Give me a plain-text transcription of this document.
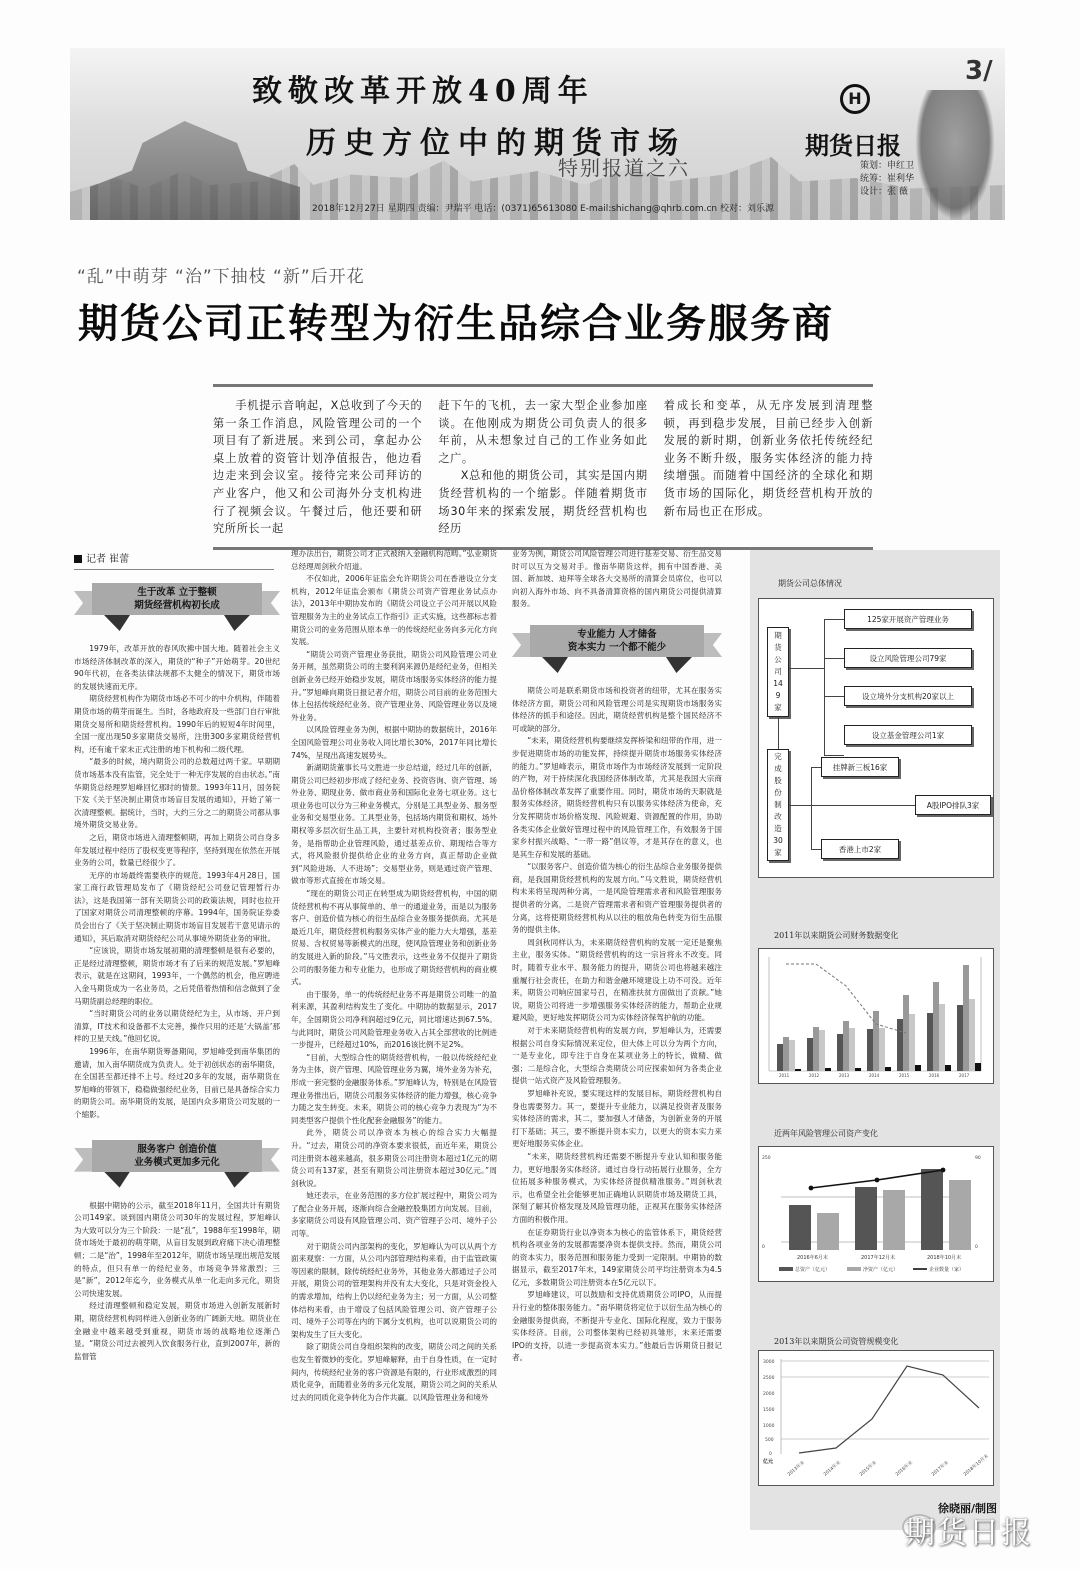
致敬改革开放40周年
历史方位中的期货市场
特别报道之六
H
期货日报
3/
策划：申红卫
统筹：崔利华
设计：张 薇
2018年12月27日 星期四 责编：尹瑞平 电话：(0371)65613080 E-mail:shichang@qhrb.com.cn 校对：刘乐源
“乱”中萌芽 “治”下抽枝 “新”后开花
期货公司正转型为衍生品综合业务服务商

手机提示音响起，X总收到了今天的第一条工作消息，风险管理公司的一个项目有了新进展。来到公司，拿起办公桌上放着的资管计划净值报告，他边看边走来到会议室。接待完来公司拜访的产业客户，他又和公司海外分支机构进行了视频会议。午餐过后，他还要和研究所所长一起

赶下午的飞机，去一家大型企业参加座谈。在他刚成为期货公司负责人的很多年前，从未想象过自己的工作业务如此之广。

X总和他的期货公司，其实是国内期货经营机构的一个缩影。伴随着期货市场30年来的探索发展，期货经营机构也经历

着成长和变革，从无序发展到清理整顿，再到稳步发展，目前已经步入创新发展的新时期，创新业务依托传统经纪业务不断升级，服务实体经济的能力持续增强。而随着中国经济的全球化和期货市场的国际化，期货经营机构开放的新布局也正在形成。

记者 崔蕾
生于改革 立于整顿
期货经营机构初长成

1979年，改革开放的春风吹拂中国大地。随着社会主义市场经济体制改革的深入，期货的“种子”开始萌芽。20世纪90年代初，在各类法律法规都不太健全的情况下，期货市场的发展快速而无序。

期货经营机构作为期货市场必不可少的中介机构，伴随着期货市场的萌芽而诞生。当时，各地政府及一些部门自行审批期货交易所和期货经营机构。1990年后的短短4年时间里，全国一度出现50多家期货交易所，注册300多家期货经营机构，还有逾千家未正式注册的地下机构和二级代理。

“最多的时候，境内期货公司的总数超过两千家。早期期货市场基本没有监管，完全处于一种无序发展的自由状态。”南华期货总经理罗旭峰回忆那时的情景。1993年11月，国务院下发《关于坚决制止期货市场盲目发展的通知》，开始了第一次清理整顿。据统计，当时，大约三分之二的期货公司都从事境外期货交易业务。

之后，期货市场进入清理整顿期，再加上期货公司自身多年发展过程中经历了股权变更等程序，坚持到现在依然在开展业务的公司，数量已经很少了。

无序的市场最终需要秩序的规范。1993年4月28日，国家工商行政管理局发布了《期货经纪公司登记管理暂行办法》，这是我国第一部有关期货公司的政策法规，同时也拉开了国家对期货公司清理整顿的序幕。1994年，国务院证券委员会出台了《关于坚决制止期货市场盲目发展若干意见请示的通知》，其后取消对期货经纪公司从事境外期货业务的审批。

“应该说，期货市场发展初期的清理整顿是很有必要的，正是经过清理整顿，期货市场才有了后来的规范发展。”罗旭峰表示，就是在这期间，1993年，一个偶然的机会，他应聘进入金马期货成为一名业务员，之后凭借着热情和信念做到了金马期货副总经理的职位。

“当时期货公司的业务以期货经纪为主，从市场、开户到清算，IT技术和设备都不太完善，操作只用的还是‘大锅盖’那样的卫星天线。”他回忆说。

1996年，在南华期货筹备期间，罗旭峰受到南华集团的邀请，加入南华期货成为负责人。处于初创状态的南华期货，在全国甚至都还排不上号。经过20多年的发展，南华期货在罗旭峰的带领下，稳稳做强经纪业务，目前已是具备综合实力的期货公司。南华期货的发展，是国内众多期货公司发展的一个缩影。

服务客户 创造价值
业务模式更加多元化

根据中期协的公示，截至2018年11月，全国共计有期货公司149家。谈到国内期货公司30年的发展过程，罗旭峰认为大致可以分为三个阶段：一是“乱”，1988年至1998年，期货市场处于最初的萌芽期，从盲目发展到政府痛下决心清理整顿；二是“治”，1998年至2012年，期货市场呈现出规范发展的特点，但只有单一的经纪业务，市场竞争异常激烈；三是“新”，2012年迄今，业务模式从单一化走向多元化，期货公司快速发展。

经过清理整顿和稳定发展，期货市场进入创新发展新时期，期货经营机构同样进入创新业务的广阔新天地。期货业在金融业中越来越受到重视，期货市场的战略地位逐渐凸显。“期货公司过去被列入饮食服务行业，直到2007年，新的监督管

理办法出台，期货公司才正式被纳入金融机构范畴。”弘业期货总经理周剑秋介绍道。

不仅如此，2006年证监会允许期货公司在香港设立分支机构，2012年证监会颁布《期货公司资产管理业务试点办法》，2013年中期协发布的《期货公司设立子公司开展以风险管理服务为主的业务试点工作指引》正式实施，这些都标志着期货公司的业务范围从原本单一的传统经纪业务向多元化方向发展。

“期货公司资产管理业务获批，期货公司风险管理公司业务开闸，虽然期货公司的主要利润来源仍是经纪业务，但相关创新业务已经开始稳步发展，期货市场服务实体经济的能力提升。”罗旭峰向期货日报记者介绍，期货公司目前的业务范围大体上包括传统经纪业务、资产管理业务、风险管理业务以及境外业务。

以风险管理业务为例，根据中期协的数据统计，2016年全国风险管理公司业务收入同比增长30%，2017年同比增长74%，呈现出高速发展势头。

新湖期货董事长马文胜进一步总结道，经过几年的创新，期货公司已经初步形成了经纪业务、投资咨询、资产管理、场外业务、期现业务、做市商业务和国际化业务七项业务。这七项业务也可以分为三种业务模式，分别是工具型业务、服务型业务和交易型业务。工具型业务，包括场内期货和期权、场外期权等多层次衍生品工具，主要针对机构投资者；服务型业务，是指帮助企业管理风险，通过基差点价、期现结合等方式，将风险报价提供给企业的业务方向，真正帮助企业做到“风险进场、人不进场”；交易型业务，则是通过资产管理、做市等形式直接在市场交易。

“现在的期货公司正在转型成为期货经营机构，中国的期货经营机构不再从事简单的、单一的通道业务，而是以为服务客户、创造价值为核心的衍生品综合业务服务提供商。尤其是最近几年，期货经营机构服务实体产业的能力大大增强，基差贸易、含权贸易等新模式的出现，使风险管理业务和创新业务的发展进入新的阶段。”马文胜表示，这些业务不仅提升了期货公司的服务能力和专业能力，也形成了期货经营机构的商业模式。

由于服务，单一的传统经纪业务不再是期货公司唯一的盈利来源，其盈利结构发生了变化。中期协的数据显示，2017年，全国期货公司净利润超过9亿元，同比增速达到67.5%。与此同时，期货公司风险管理业务收入占其全部营收的比例进一步提升，已经超过10%，而2016该比例不足2%。

“目前，大型综合性的期货经营机构，一般以传统经纪业务为主体，资产管理、风险管理业务为翼，境外业务为补充，形成一套完整的金融服务体系。”罗旭峰认为，特别是在风险管理业务推出后，期货公司服务实体经济的能力增强，核心竞争力随之发生转变。未来，期货公司的核心竞争力表现为“为不同类型客户提供个性化配套金融服务”的能力。

此外，期货公司以净资本为核心的综合实力大幅提升。“过去，期货公司的净资本要求很低，而近年来，期货公司注册资本越来越高，很多期货公司注册资本超过1亿元的期货公司有137家，甚至有期货公司注册资本超过30亿元。”周剑秋说。

她还表示，在业务范围的多方位扩展过程中，期货公司为了配合业务开展，逐渐向综合金融控股集团方向发展。目前，多家期货公司设有风险管理公司、资产管理子公司、境外子公司等。

对于期货公司内部架构的变化，罗旭峰认为可以从两个方面来观察：一方面，从公司内部管理结构来看，由于监管政策等因素的限制，除传统经纪业务外，其他业务大都通过子公司开展，期货公司的管理架构并没有太大变化，只是对资金投入的需求增加，结构上仍以经纪业务为主；另一方面，从公司整体结构来看，由于增设了包括风险管理公司、资产管理子公司、境外子公司等在内的下属分支机构，也可以说期货公司的架构发生了巨大变化。

除了期货公司自身组织架构的改变，期货公司之间的关系也发生着微妙的变化。罗旭峰解释，由于自身性质，在一定时间内，传统经纪业务的客户资源是有限的，行业形成激烈的同质化竞争，而随着业务的多元化发展，期货公司之间的关系从过去的同质化竞争转化为合作共赢。以风险管理业务和境外

业务为例，期货公司风险管理公司进行基差交易、衍生品交易时可以互为交易对手。像南华期货这样，拥有中国香港、美国、新加坡、迪拜等全球各大交易所的清算会员席位，也可以向初入海外市场、向不具备清算资格的国内期货公司提供清算服务。

专业能力 人才储备
资本实力 一个都不能少

期货公司是联系期货市场和投资者的纽带，尤其在服务实体经济方面，期货公司和风险管理公司是实现期货市场服务实体经济的抓手和途径。因此，期货经营机构是整个国民经济不可或缺的部分。

“未来，期货经营机构要继续发挥桥梁和纽带的作用，进一步促进期货市场的功能发挥，持续提升期货市场服务实体经济的能力。”罗旭峰表示，期货市场作为市场经济发展到一定阶段的产物，对于持续深化我国经济体制改革，尤其是我国大宗商品价格体制改革发挥了重要作用。同时，期货市场的天职就是服务实体经济，期货经营机构只有以服务实体经济为使命，充分发挥期货市场价格发现、风险规避、资源配置的作用，协助各类实体企业做好管理过程中的风险管理工作，有效服务于国家乡村振兴战略、“一带一路”倡议等，才是其存在的意义，也是其生存和发展的基础。

“以服务客户、创造价值为核心的衍生品综合业务服务提供商，是我国期货经营机构的发展方向。”马文胜说，期货经营机构未来将呈现两种分离，一是风险管理需求者和风险管理服务提供者的分离，二是资产管理需求者和资产管理服务提供者的分离，这将使期货经营机构从以往的粗放角色转变为衍生品服务的提供主体。

周剑秋同样认为，未来期货经营机构的发展一定还是聚焦主业，服务实体。“期货经营机构的这一宗旨将永不改变。同时，随着专业水平、服务能力的提升，期货公司也将越来越注重履行社会责任，在助力和谐金融环境建设上功不可没。近年来，期货公司响应国家号召，在精准扶贫方面做出了贡献。”她说，期货公司将进一步增强服务实体经济的能力，帮助企业规避风险，更好地发挥期货公司为实体经济保驾护航的功能。

对于未来期货经营机构的发展方向，罗旭峰认为，还需要根据公司自身实际情况来定位，但大体上可以分为两个方向，一是专业化，即专注于自身在某项业务上的特长，做精、做强；二是综合化，大型综合类期货公司应探索如何为各类企业提供一站式资产及风险管理服务。

罗旭峰补充说，要实现这样的发展目标，期货经营机构自身也需要努力。其一，要提升专业能力，以满足投资者及服务实体经济的需求，其二，要加强人才储备，为创新业务的开展打下基础；其三，要不断提升资本实力，以更大的资本实力来更好地服务实体企业。

“未来，期货经营机构还需要不断提升专业认知和服务能力，更好地服务实体经济。通过自身行动拓展行业服务，全方位拓展多种服务模式，为实体经济提供精准服务。”周剑秋表示，也希望全社会能够更加正确地认识期货市场及期货工具，深刻了解其价格发现及风险管理功能，正视其在服务实体经济方面的积极作用。

在证券期货行业以净资本为核心的监管体系下，期货经营机构各项业务的发展都需要净资本提供支持。然而，期货公司的资本实力，服务范围和服务能力受到一定限制。中期协的数据显示，截至2017年末，149家期货公司平均注册资本为4.5亿元，多数期货公司注册资本在5亿元以下。

罗旭峰建议，可以鼓励和支持优质期货公司IPO，从而提升行业的整体服务能力。“南华期货将定位于以衍生品为核心的金融服务提供商，不断提升专业化、国际化程度，致力于服务实体经济。目前，公司整体架构已经初具雏形，未来还需要IPO的支持，以进一步提高资本实力。”他最后告诉期货日报记者。

期货公司总体情况
期货公司149家
125家开展资产管理业务
设立风险管理公司79家
设立境外分支机构20家以上
设立基金管理公司1家
完成股份制改造30家
挂牌新三板16家
A股IPO排队3家
香港上市2家
2011年以来期货公司财务数据变化
2011	2012	2013	2014	2015	2016	2017
近两年风险管理公司资产变化
250
0
90
0
2016年6月末	2017年12月末	2018年10月末
总资产（亿元）	净资产（亿元）	企业数量（家）
2013年以来期货公司资管规模变化
3000
2500
2000
1500
1000
500
0
亿元	2013年末	2014年末	2015年末	2016年末	2017年末	2018年10月末
徐晓丽/制图
期货日报
